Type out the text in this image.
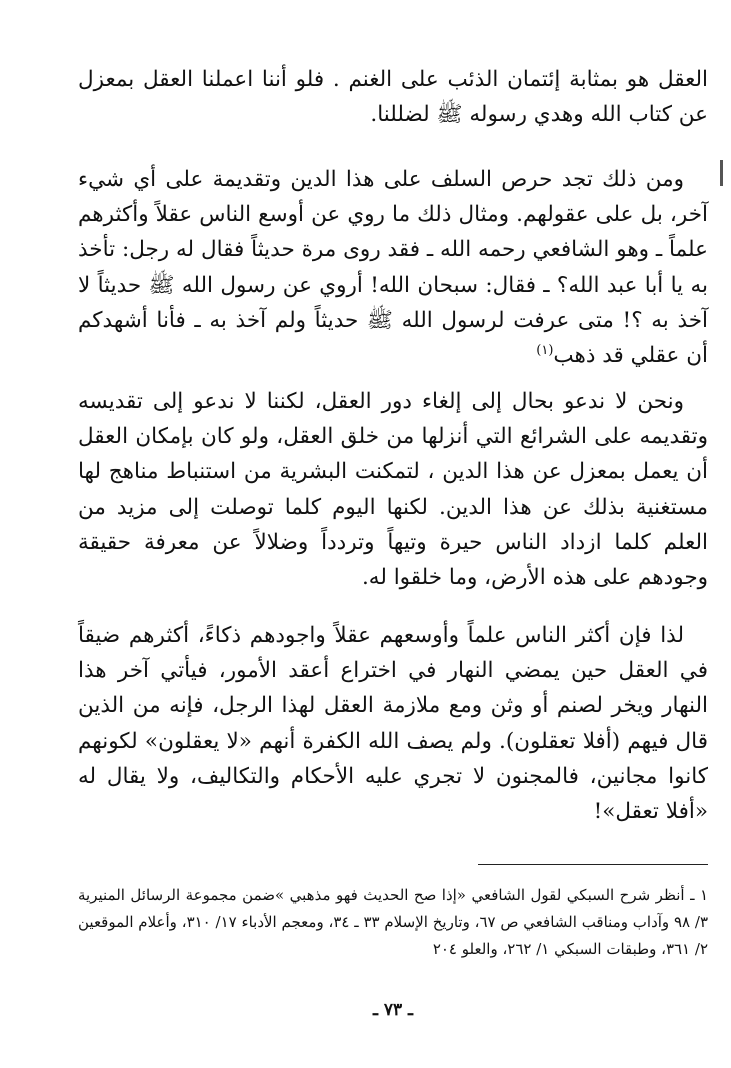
العقل هو بمثابة إئتمان الذئب على الغنم . فلو أننا اعملنا العقل بمعزل عن كتاب الله وهدي رسوله ﷺ لضللنا.

ومن ذلك تجد حرص السلف على هذا الدين وتقديمة على أي شيء آخر، بل على عقولهم. ومثال ذلك ما روي عن أوسع الناس عقلاً وأكثرهم علماً ـ وهو الشافعي رحمه الله ـ فقد روى مرة حديثاً فقال له رجل: تأخذ به يا أبا عبد الله؟ ـ فقال: سبحان الله! أروي عن رسول الله ﷺ حديثاً لا آخذ به ؟! متى عرفت لرسول الله ﷺ حديثاً ولم آخذ به ـ فأنا أشهدكم أن عقلي قد ذهب$^{(١)}$

ونحن لا ندعو بحال إلى إلغاء دور العقل، لكننا لا ندعو إلى تقديسه وتقديمه على الشرائع التي أنزلها من خلق العقل، ولو كان بإمكان العقل أن يعمل بمعزل عن هذا الدين ، لتمكنت البشرية من استنباط مناهج لها مستغنية بذلك عن هذا الدين. لكنها اليوم كلما توصلت إلى مزيد من العلم كلما ازداد الناس حيرة وتيهاً وتردداً وضلالاً عن معرفة حقيقة وجودهم على هذه الأرض، وما خلقوا له.

لذا فإن أكثر الناس علماً وأوسعهم عقلاً واجودهم ذكاءً، أكثرهم ضيقاً في العقل حين يمضي النهار في اختراع أعقد الأمور، فيأتي آخر هذا النهار ويخر لصنم أو وثن ومع ملازمة العقل لهذا الرجل، فإنه من الذين قال فيهم (أفلا تعقلون). ولم يصف الله الكفرة أنهم «لا يعقلون» لكونهم كانوا مجانين، فالمجنون لا تجري عليه الأحكام والتكاليف، ولا يقال له «أفلا تعقل»!

١ ـ أنظر شرح السبكي لقول الشافعي «إذا صح الحديث فهو مذهبي »ضمن مجموعة الرسائل المنيرية ٣/ ٩٨ وآداب ومناقب الشافعي ص ٦٧، وتاريخ الإسلام ٣٣ ـ ٣٤، ومعجم الأدباء ١٧/ ٣١٠، وأعلام الموقعين ٢/ ٣٦١، وطبقات السبكي ١/ ٢٦٢، والعلو ٢٠٤

ـ ٧٣ ـ
